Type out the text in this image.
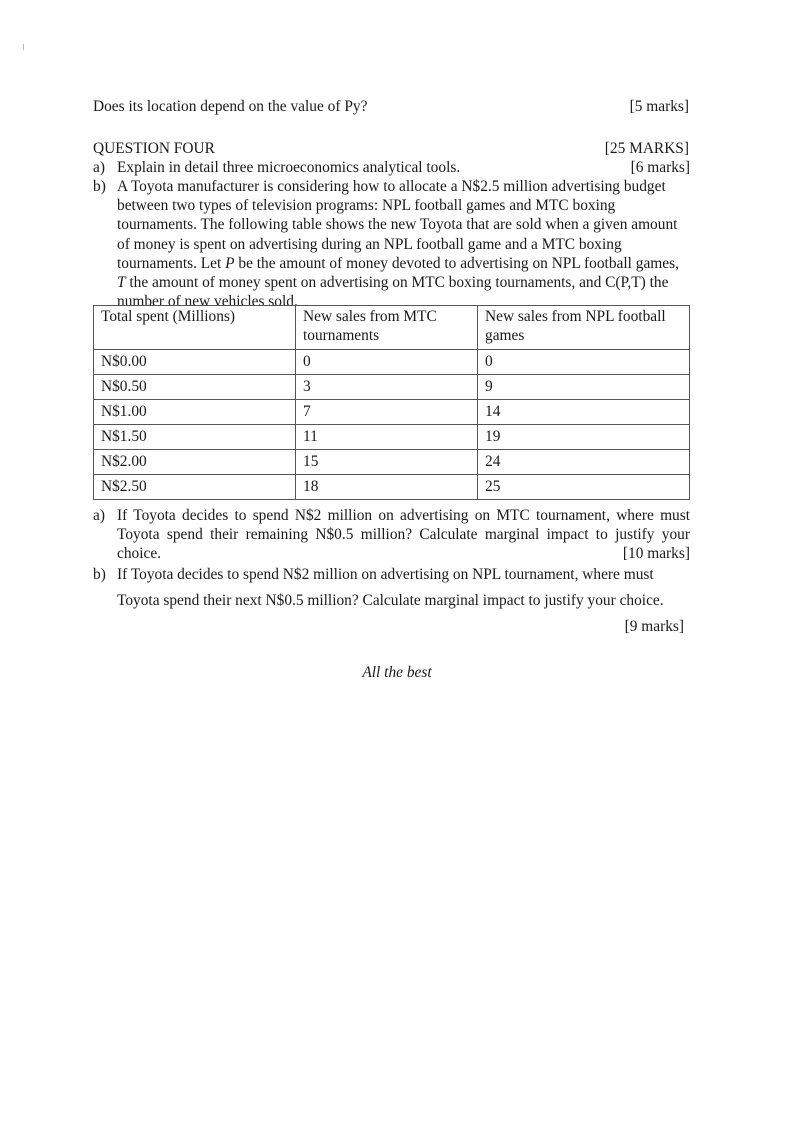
Does its location depend on the value of Py?	[5 marks]
QUESTION FOUR	[25 MARKS]
a) Explain in detail three microeconomics analytical tools.	[6 marks]
b) A Toyota manufacturer is considering how to allocate a N$2.5 million advertising budget between two types of television programs: NPL football games and MTC boxing tournaments. The following table shows the new Toyota that are sold when a given amount of money is spent on advertising during an NPL football game and a MTC boxing tournaments. Let P be the amount of money devoted to advertising on NPL football games, T the amount of money spent on advertising on MTC boxing tournaments, and C(P,T) the number of new vehicles sold.
Total spent (Millions)	New sales from MTC tournaments	New sales from NPL football games
N$0.00	0	0
N$0.50	3	9
N$1.00	7	14
N$1.50	11	19
N$2.00	15	24
N$2.50	18	25
a) If Toyota decides to spend N$2 million on advertising on MTC tournament, where must Toyota spend their remaining N$0.5 million? Calculate marginal impact to justify your choice.	[10 marks]
b) If Toyota decides to spend N$2 million on advertising on NPL tournament, where must Toyota spend their next N$0.5 million? Calculate marginal impact to justify your choice.
[9 marks]
All the best
